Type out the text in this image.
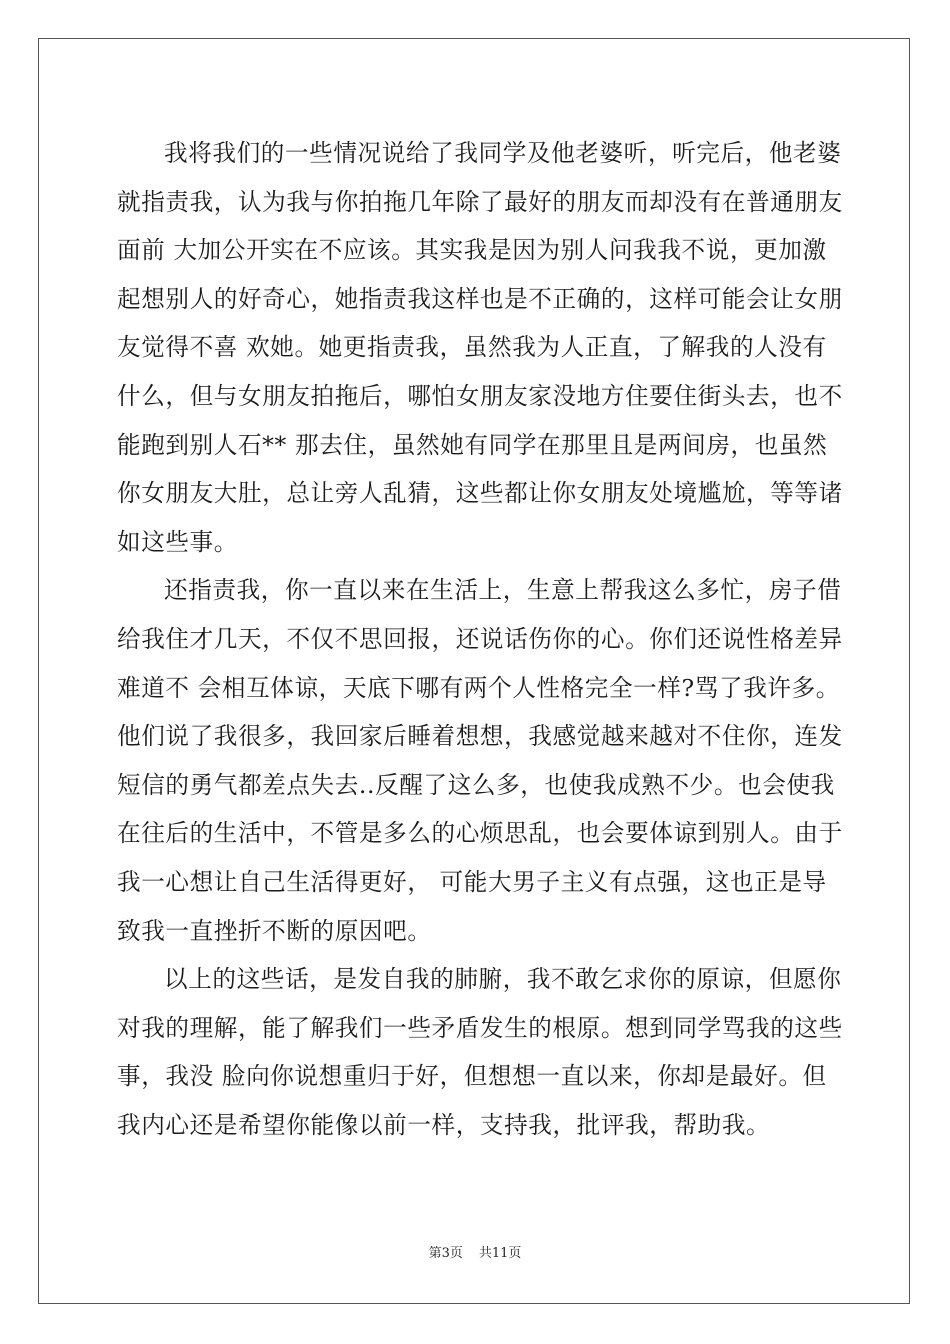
我将我们的一些情况说给了我同学及他老婆听，听完后，他老婆
就指责我，认为我与你拍拖几年除了最好的朋友而却没有在普通朋友
面前 大加公开实在不应该。其实我是因为别人问我我不说，更加激
起想别人的好奇心，她指责我这样也是不正确的，这样可能会让女朋
友觉得不喜 欢她。她更指责我，虽然我为人正直，了解我的人没有
什么，但与女朋友拍拖后，哪怕女朋友家没地方住要住街头去，也不
能跑到别人石** 那去住，虽然她有同学在那里且是两间房，也虽然
你女朋友大肚，总让旁人乱猜，这些都让你女朋友处境尴尬，等等诸
如这些事。
还指责我，你一直以来在生活上，生意上帮我这么多忙，房子借
给我住才几天，不仅不思回报，还说话伤你的心。你们还说性格差异
难道不 会相互体谅，天底下哪有两个人性格完全一样?骂了我许多。
他们说了我很多，我回家后睡着想想，我感觉越来越对不住你，连发
短信的勇气都差点失去..反醒了这么多，也使我成熟不少。也会使我
在往后的生活中，不管是多么的心烦思乱，也会要体谅到别人。由于
我一心想让自己生活得更好， 可能大男子主义有点强，这也正是导
致我一直挫折不断的原因吧。
以上的这些话，是发自我的肺腑，我不敢乞求你的原谅，但愿你
对我的理解，能了解我们一些矛盾发生的根原。想到同学骂我的这些
事，我没 脸向你说想重归于好，但想想一直以来，你却是最好。但
我内心还是希望你能像以前一样，支持我，批评我，帮助我。
第3页 共11页
